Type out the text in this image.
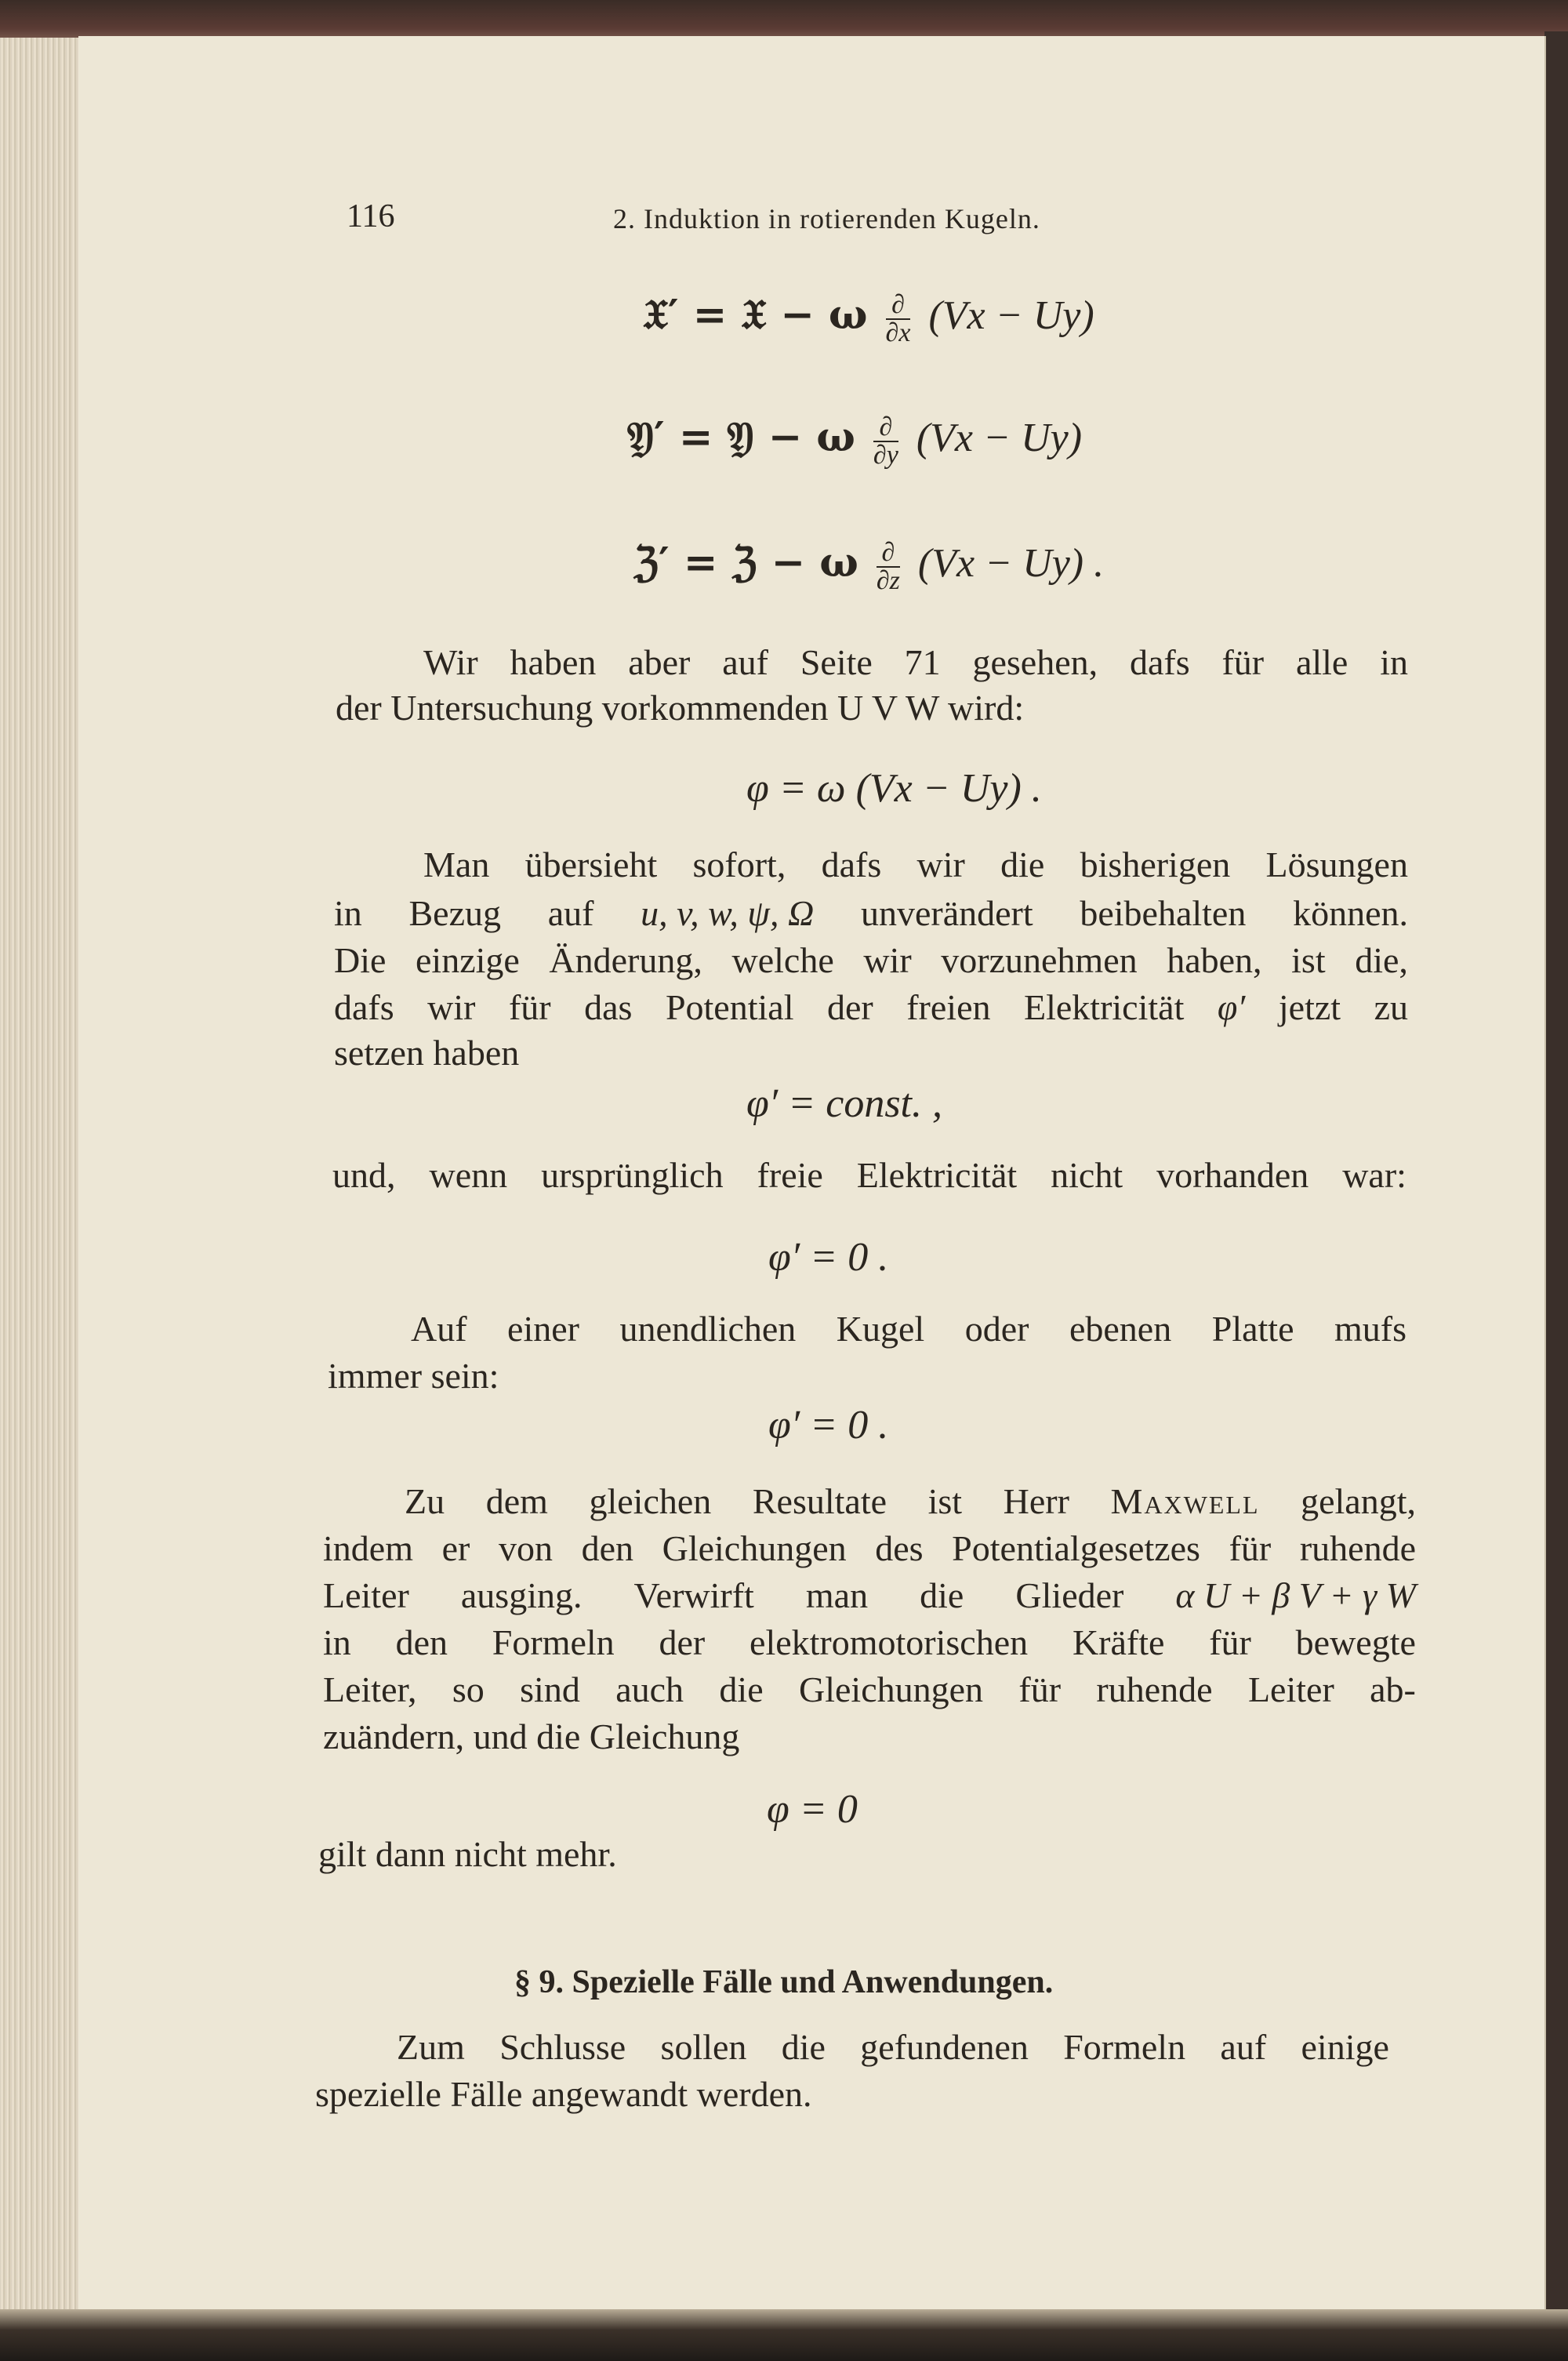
116	2. Induktion in rotierenden Kugeln.
𝔛′ = 𝔛 − ω $\frac{\partial}{\partial x} (Vx - Uy)$
𝔜′ = 𝔜 − ω $\frac{\partial}{\partial y} (Vx - Uy)$
ℨ′ = ℨ − ω $\frac{\partial}{\partial z} (Vx - Uy)$ .
Wir haben aber auf Seite 71 gesehen, dafs für alle in
der Untersuchung vorkommenden U V W wird:
φ = ω (Vx − Uy) .
Man übersieht sofort, dafs wir die bisherigen Lösungen
in Bezug auf u, v, w, ψ, Ω unverändert beibehalten können.
Die einzige Änderung, welche wir vorzunehmen haben, ist die,
dafs wir für das Potential der freien Elektricität φ′ jetzt zu
setzen haben
φ′ = const. ,
und, wenn ursprünglich freie Elektricität nicht vorhanden war:
φ′ = 0 .
Auf einer unendlichen Kugel oder ebenen Platte mufs
immer sein:
φ′ = 0 .
Zu dem gleichen Resultate ist Herr Maxwell gelangt,
indem er von den Gleichungen des Potentialgesetzes für ruhende
Leiter ausging. Verwirft man die Glieder α U + β V + γ W
in den Formeln der elektromotorischen Kräfte für bewegte
Leiter, so sind auch die Gleichungen für ruhende Leiter ab-
zuändern, und die Gleichung
φ = 0
gilt dann nicht mehr.
§ 9. Spezielle Fälle und Anwendungen.
Zum Schlusse sollen die gefundenen Formeln auf einige
spezielle Fälle angewandt werden.
